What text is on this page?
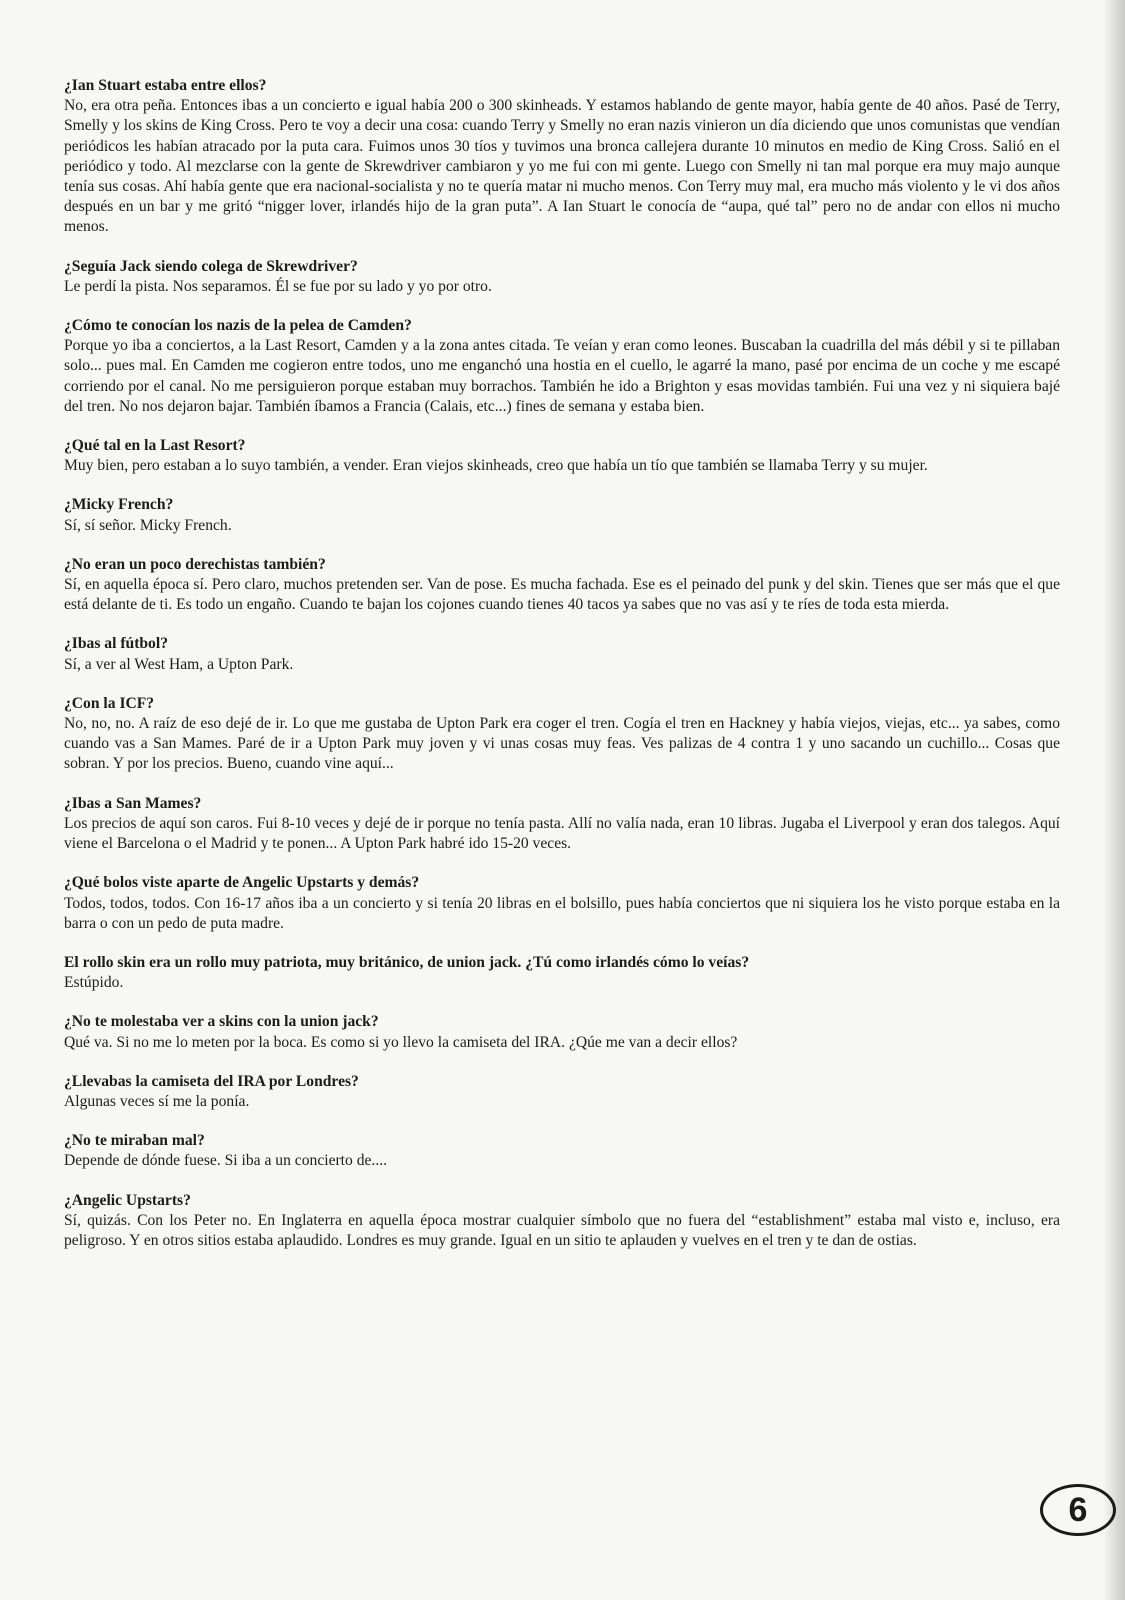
¿Ian Stuart estaba entre ellos?

No, era otra peña. Entonces ibas a un concierto e igual había 200 o 300 skinheads. Y estamos hablando de gente mayor, había gente de 40 años. Pasé de Terry, Smelly y los skins de King Cross. Pero te voy a decir una cosa: cuando Terry y Smelly no eran nazis vinieron un día diciendo que unos comunistas que vendían periódicos les habían atracado por la puta cara. Fuimos unos 30 tíos y tuvimos una bronca callejera durante 10 minutos en medio de King Cross. Salió en el periódico y todo. Al mezclarse con la gente de Skrewdriver cambiaron y yo me fui con mi gente. Luego con Smelly ni tan mal porque era muy majo aunque tenía sus cosas. Ahí había gente que era nacional-socialista y no te quería matar ni mucho menos. Con Terry muy mal, era mucho más violento y le vi dos años después en un bar y me gritó “nigger lover, irlandés hijo de la gran puta”. A Ian Stuart le conocía de “aupa, qué tal” pero no de andar con ellos ni mucho menos.

¿Seguía Jack siendo colega de Skrewdriver?

Le perdí la pista. Nos separamos. Él se fue por su lado y yo por otro.

¿Cómo te conocían los nazis de la pelea de Camden?

Porque yo iba a conciertos, a la Last Resort, Camden y a la zona antes citada. Te veían y eran como leones. Buscaban la cuadrilla del más débil y si te pillaban solo... pues mal. En Camden me cogieron entre todos, uno me enganchó una hostia en el cuello, le agarré la mano, pasé por encima de un coche y me escapé corriendo por el canal. No me persiguieron porque estaban muy borrachos. También he ido a Brighton y esas movidas también. Fui una vez y ni siquiera bajé del tren. No nos dejaron bajar. También íbamos a Francia (Calais, etc...) fines de semana y estaba bien.

¿Qué tal en la Last Resort?

Muy bien, pero estaban a lo suyo también, a vender. Eran viejos skinheads, creo que había un tío que también se llamaba Terry y su mujer.

¿Micky French?

Sí, sí señor. Micky French.

¿No eran un poco derechistas también?

Sí, en aquella época sí. Pero claro, muchos pretenden ser. Van de pose. Es mucha fachada. Ese es el peinado del punk y del skin. Tienes que ser más que el que está delante de ti. Es todo un engaño. Cuando te bajan los cojones cuando tienes 40 tacos ya sabes que no vas así y te ríes de toda esta mierda.

¿Ibas al fútbol?

Sí, a ver al West Ham, a Upton Park.

¿Con la ICF?

No, no, no. A raíz de eso dejé de ir. Lo que me gustaba de Upton Park era coger el tren. Cogía el tren en Hackney y había viejos, viejas, etc... ya sabes, como cuando vas a San Mames. Paré de ir a Upton Park muy joven y vi unas cosas muy feas. Ves palizas de 4 contra 1 y uno sacando un cuchillo... Cosas que sobran. Y por los precios. Bueno, cuando vine aquí...

¿Ibas a San Mames?

Los precios de aquí son caros. Fui 8-10 veces y dejé de ir porque no tenía pasta. Allí no valía nada, eran 10 libras. Jugaba el Liverpool y eran dos talegos. Aquí viene el Barcelona o el Madrid y te ponen... A Upton Park habré ido 15-20 veces.

¿Qué bolos viste aparte de Angelic Upstarts y demás?

Todos, todos, todos. Con 16-17 años iba a un concierto y si tenía 20 libras en el bolsillo, pues había conciertos que ni siquiera los he visto porque estaba en la barra o con un pedo de puta madre.

El rollo skin era un rollo muy patriota, muy británico, de union jack. ¿Tú como irlandés cómo lo veías?

Estúpido.

¿No te molestaba ver a skins con la union jack?

Qué va. Si no me lo meten por la boca. Es como si yo llevo la camiseta del IRA. ¿Qúe me van a decir ellos?

¿Llevabas la camiseta del IRA por Londres?

Algunas veces sí me la ponía.

¿No te miraban mal?

Depende de dónde fuese. Si iba a un concierto de....

¿Angelic Upstarts?

Sí, quizás. Con los Peter no. En Inglaterra en aquella época mostrar cualquier símbolo que no fuera del “establishment” estaba mal visto e, incluso, era peligroso. Y en otros sitios estaba aplaudido. Londres es muy grande. Igual en un sitio te aplauden y vuelves en el tren y te dan de ostias.

6
